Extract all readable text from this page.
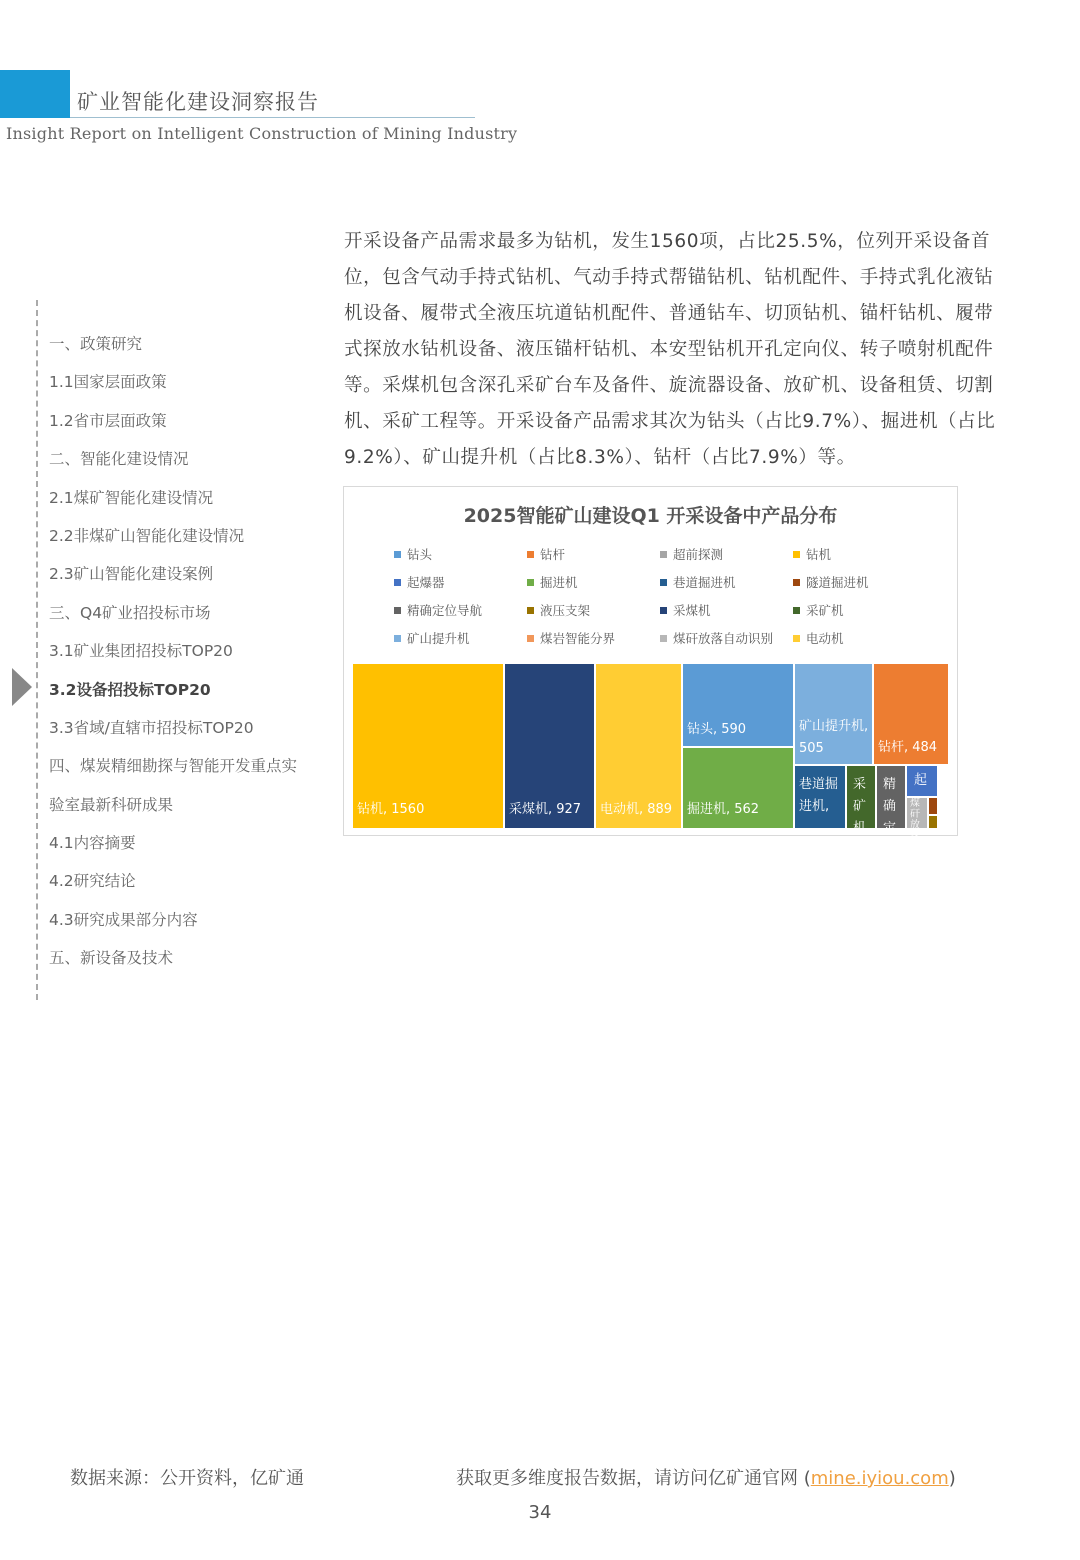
矿业智能化建设洞察报告
Insight Report on Intelligent Construction of Mining Industry
一、政策研究
1.1国家层面政策
1.2省市层面政策
二、智能化建设情况
2.1煤矿智能化建设情况
2.2非煤矿山智能化建设情况
2.3矿山智能化建设案例
三、Q4矿业招投标市场
3.1矿业集团招投标TOP20
3.2设备招投标TOP20
3.3省域/直辖市招投标TOP20
四、煤炭精细勘探与智能开发重点实
验室最新科研成果
4.1内容摘要
4.2研究结论
4.3研究成果部分内容
五、新设备及技术
开采设备产品需求最多为钻机，发生1560项，占比25.5%，位列开采设备首位，包含气动手持式钻机、气动手持式帮锚钻机、钻机配件、手持式乳化液钻机设备、履带式全液压坑道钻机配件、普通钻车、切顶钻机、锚杆钻机、履带式探放水钻机设备、液压锚杆钻机、本安型钻机开孔定向仪、转子喷射机配件等。采煤机包含深孔采矿台车及备件、旋流器设备、放矿机、设备租赁、切割机、采矿工程等。开采设备产品需求其次为钻头（占比9.7%）、掘进机（占比9.2%）、矿山提升机（占比8.3%）、钻杆（占比7.9%）等。
2025智能矿山建设Q1 开采设备中产品分布
钻头	钻杆	超前探测	钻机
起爆器	掘进机	巷道掘进机	隧道掘进机
精确定位导航	液压支架	采煤机	采矿机
矿山提升机	煤岩智能分界	煤矸放落自动识别	电动机
钻机, 1560	采煤机, 927 电动机, 889
钻头, 590
掘进机, 562
矿山提升机, 505	钻杆, 484
巷道掘进机,
采矿机
精确定
起
煤矸放落
数据来源：公开资料，亿矿通	获取更多维度报告数据，请访问亿矿通官网 (mine.iyiou.com)
34
